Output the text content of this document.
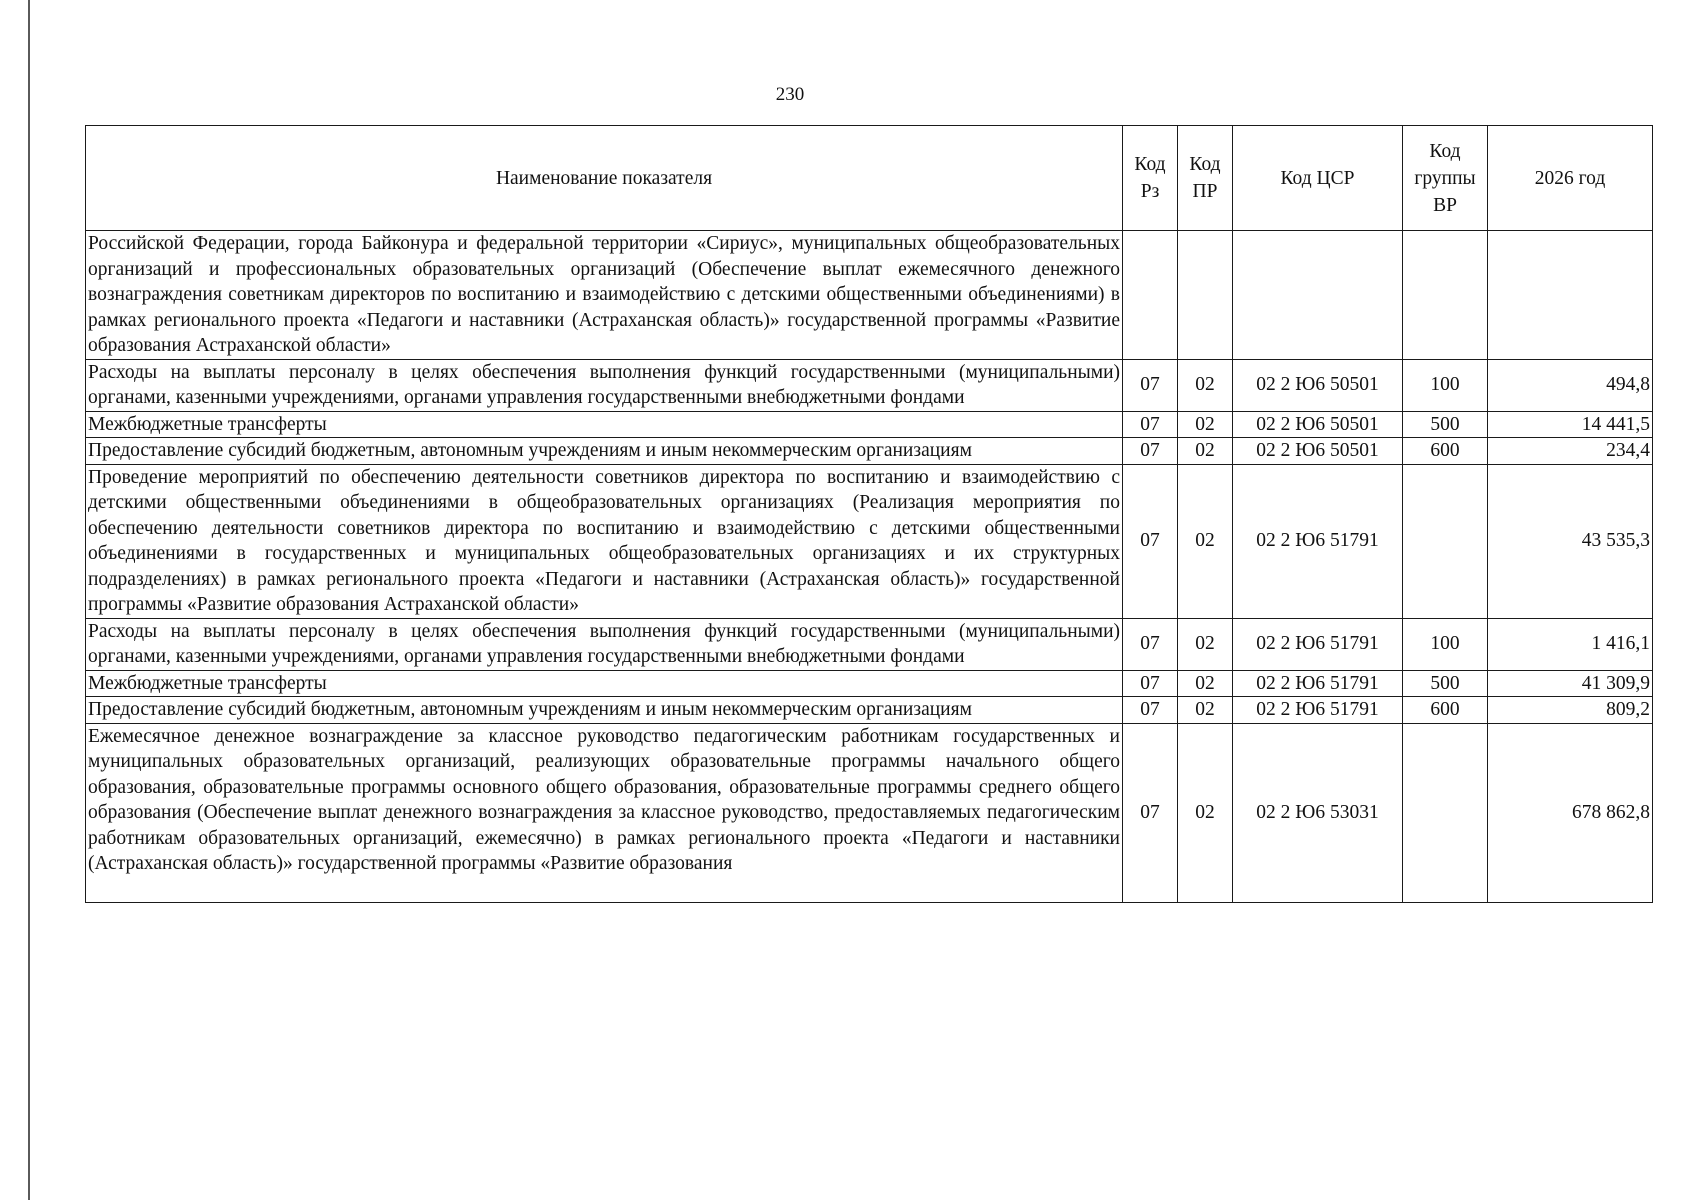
230
Наименование показателя	Код Рз	Код ПР	Код ЦСР	Код группы ВР	2026 год
Российской Федерации, города Байконура и федеральной территории «Сириус», муниципальных общеобразовательных организаций и профессиональных образовательных организаций (Обеспечение выплат ежемесячного денежного вознаграждения советникам директоров по воспитанию и взаимодействию с детскими общественными объединениями) в рамках регионального проекта «Педагоги и наставники (Астраханская область)» государственной программы «Развитие образования Астраханской области»					
Расходы на выплаты персоналу в целях обеспечения выполнения функций государственными (муниципальными) органами, казенными учреждениями, органами управления государственными внебюджетными фондами	07	02	02 2 Ю6 50501	100	494,8
Межбюджетные трансферты	07	02	02 2 Ю6 50501	500	14 441,5
Предоставление субсидий бюджетным, автономным учреждениям и иным некоммерческим организациям	07	02	02 2 Ю6 50501	600	234,4
Проведение мероприятий по обеспечению деятельности советников директора по воспитанию и взаимодействию с детскими общественными объединениями в общеобразовательных организациях (Реализация мероприятия по обеспечению деятельности советников директора по воспитанию и взаимодействию с детскими общественными объединениями в государственных и муниципальных общеобразовательных организациях и их структурных подразделениях) в рамках регионального проекта «Педагоги и наставники (Астраханская область)» государственной программы «Развитие образования Астраханской области»	07	02	02 2 Ю6 51791		43 535,3
Расходы на выплаты персоналу в целях обеспечения выполнения функций государственными (муниципальными) органами, казенными учреждениями, органами управления государственными внебюджетными фондами	07	02	02 2 Ю6 51791	100	1 416,1
Межбюджетные трансферты	07	02	02 2 Ю6 51791	500	41 309,9
Предоставление субсидий бюджетным, автономным учреждениям и иным некоммерческим организациям	07	02	02 2 Ю6 51791	600	809,2

Ежемесячное денежное вознаграждение за классное руководство педагогическим работникам государственных и муниципальных образовательных организаций, реализующих образовательные программы начального общего образования, образовательные программы основного общего образования, образовательные программы среднего общего образования (Обеспечение выплат денежного вознаграждения за классное руководство, предоставляемых педагогическим работникам образовательных организаций, ежемесячно) в рамках регионального проекта «Педагоги и наставники (Астраханская область)» государственной программы «Развитие образования	07	02	02 2 Ю6 53031		678 862,8
